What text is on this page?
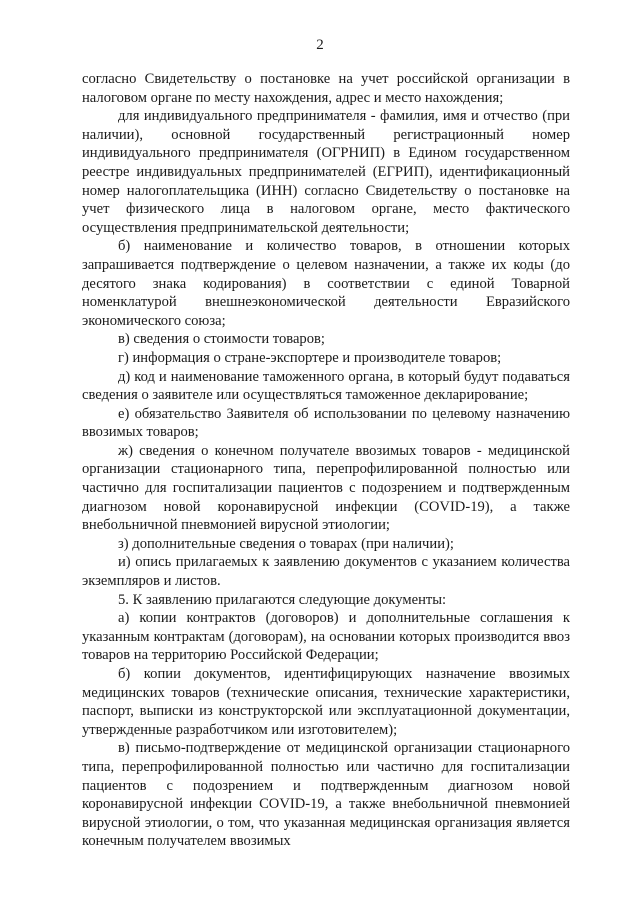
2

согласно Свидетельству о постановке на учет российской организации в налоговом органе по месту нахождения, адрес и место нахождения;

для индивидуального предпринимателя - фамилия, имя и отчество (при наличии), основной государственный регистрационный номер индивидуального предпринимателя (ОГРНИП) в Едином государственном реестре индивидуальных предпринимателей (ЕГРИП), идентификационный номер налогоплательщика (ИНН) согласно Свидетельству о постановке на учет физического лица в налоговом органе, место фактического осуществления предпринимательской деятельности;

б) наименование и количество товаров, в отношении которых запрашивается подтверждение о целевом назначении, а также их коды (до десятого знака кодирования) в соответствии с единой Товарной номенклатурой внешнеэкономической деятельности Евразийского экономического союза;

в) сведения о стоимости товаров;

г) информация о стране-экспортере и производителе товаров;

д) код и наименование таможенного органа, в который будут подаваться сведения о заявителе или осуществляться таможенное декларирование;

е) обязательство Заявителя об использовании по целевому назначению ввозимых товаров;

ж) сведения о конечном получателе ввозимых товаров - медицинской организации стационарного типа, перепрофилированной полностью или частично для госпитализации пациентов с подозрением и подтвержденным диагнозом новой коронавирусной инфекции (COVID-19), а также внебольничной пневмонией вирусной этиологии;

з) дополнительные сведения о товарах (при наличии);

и) опись прилагаемых к заявлению документов с указанием количества экземпляров и листов.

5. К заявлению прилагаются следующие документы:

а) копии контрактов (договоров) и дополнительные соглашения к указанным контрактам (договорам), на основании которых производится ввоз товаров на территорию Российской Федерации;

б) копии документов, идентифицирующих назначение ввозимых медицинских товаров (технические описания, технические характеристики, паспорт, выписки из конструкторской или эксплуатационной документации, утвержденные разработчиком или изготовителем);

в) письмо-подтверждение от медицинской организации стационарного типа, перепрофилированной полностью или частично для госпитализации пациентов с подозрением и подтвержденным диагнозом новой коронавирусной инфекции COVID-19, а также внебольничной пневмонией вирусной этиологии, о том, что указанная медицинская организация является конечным получателем ввозимых
